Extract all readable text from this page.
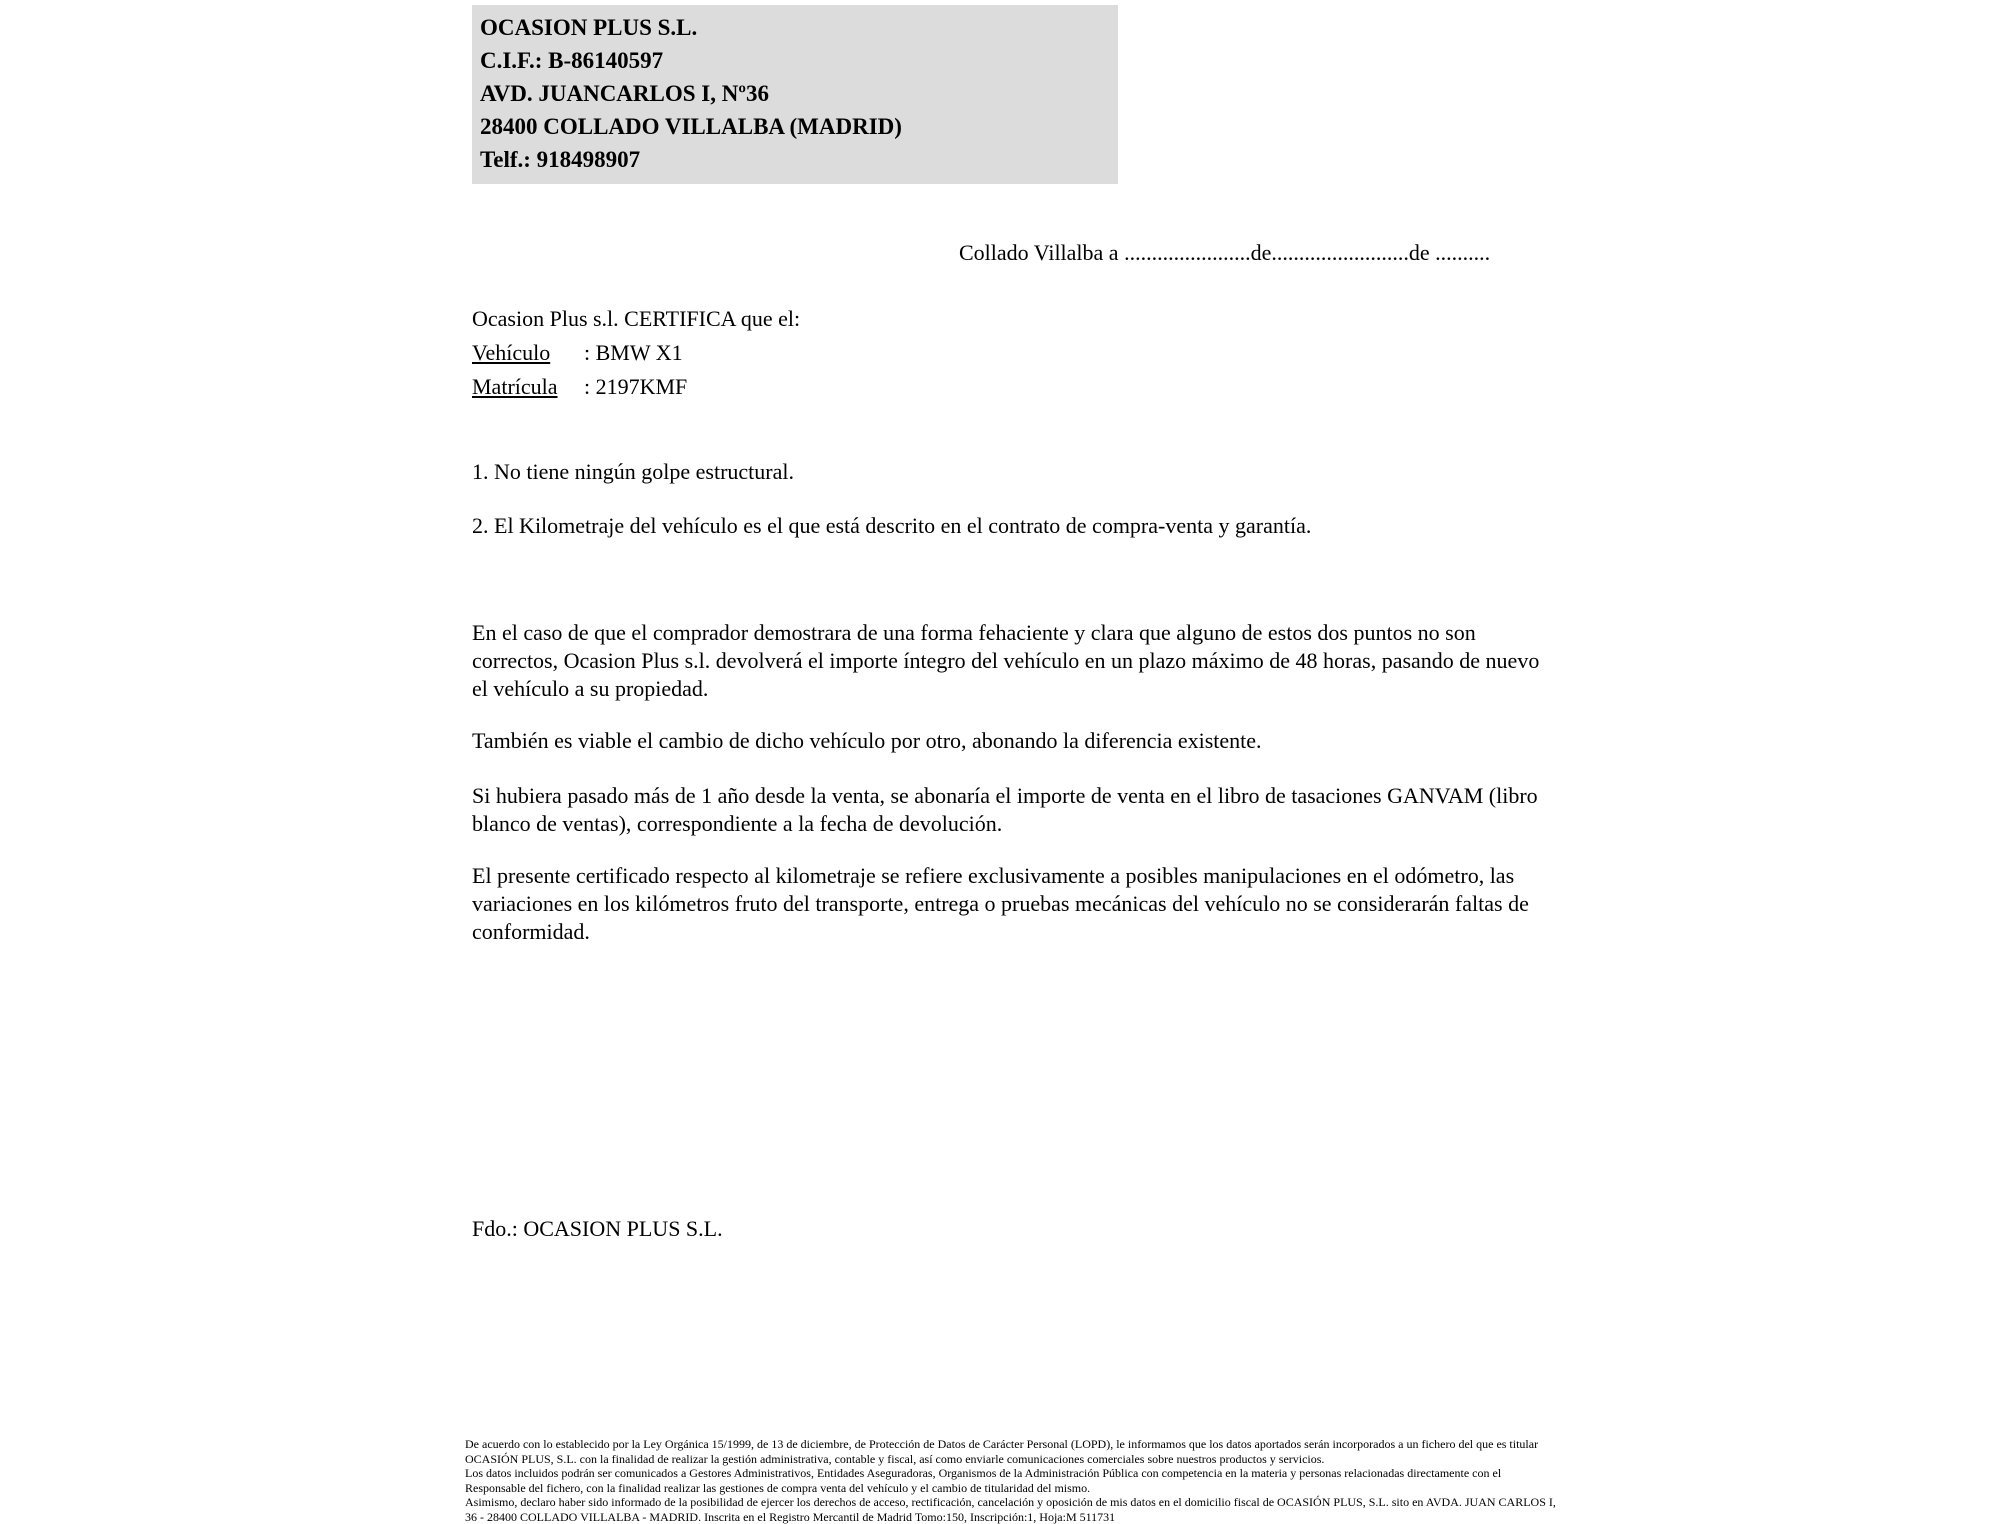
OCASION PLUS S.L.
C.I.F.: B-86140597
AVD. JUANCARLOS I, Nº36
28400 COLLADO VILLALBA (MADRID)
Telf.: 918498907
Collado Villalba a .......................de.........................de ..........
Ocasion Plus s.l. CERTIFICA que el:
Vehículo : BMW X1
Matrícula : 2197KMF
1. No tiene ningún golpe estructural.
2. El Kilometraje del vehículo es el que está descrito en el contrato de compra-venta y garantía.
En el caso de que el comprador demostrara de una forma fehaciente y clara que alguno de estos dos puntos no son correctos, Ocasion Plus s.l. devolverá el importe íntegro del vehículo en un plazo máximo de 48 horas, pasando de nuevo el vehículo a su propiedad.
También es viable el cambio de dicho vehículo por otro, abonando la diferencia existente.
Si hubiera pasado más de 1 año desde la venta, se abonaría el importe de venta en el libro de tasaciones GANVAM (libro blanco de ventas), correspondiente a la fecha de devolución.
El presente certificado respecto al kilometraje se refiere exclusivamente a posibles manipulaciones en el odómetro, las variaciones en los kilómetros fruto del transporte, entrega o pruebas mecánicas del vehículo no se considerarán faltas de conformidad.
Fdo.: OCASION PLUS S.L.

De acuerdo con lo establecido por la Ley Orgánica 15/1999, de 13 de diciembre, de Protección de Datos de Carácter Personal (LOPD), le informamos que los datos aportados serán incorporados a un fichero del que es titular OCASIÓN PLUS, S.L. con la finalidad de realizar la gestión administrativa, contable y fiscal, así como enviarle comunicaciones comerciales sobre nuestros productos y servicios.

Los datos incluidos podrán ser comunicados a Gestores Administrativos, Entidades Aseguradoras, Organismos de la Administración Pública con competencia en la materia y personas relacionadas directamente con el Responsable del fichero, con la finalidad realizar las gestiones de compra venta del vehículo y el cambio de titularidad del mismo.

Asimismo, declaro haber sido informado de la posibilidad de ejercer los derechos de acceso, rectificación, cancelación y oposición de mis datos en el domicilio fiscal de OCASIÓN PLUS, S.L. sito en AVDA. JUAN CARLOS I, 36 - 28400 COLLADO VILLALBA - MADRID. Inscrita en el Registro Mercantil de Madrid Tomo:150, Inscripción:1, Hoja:M 511731
